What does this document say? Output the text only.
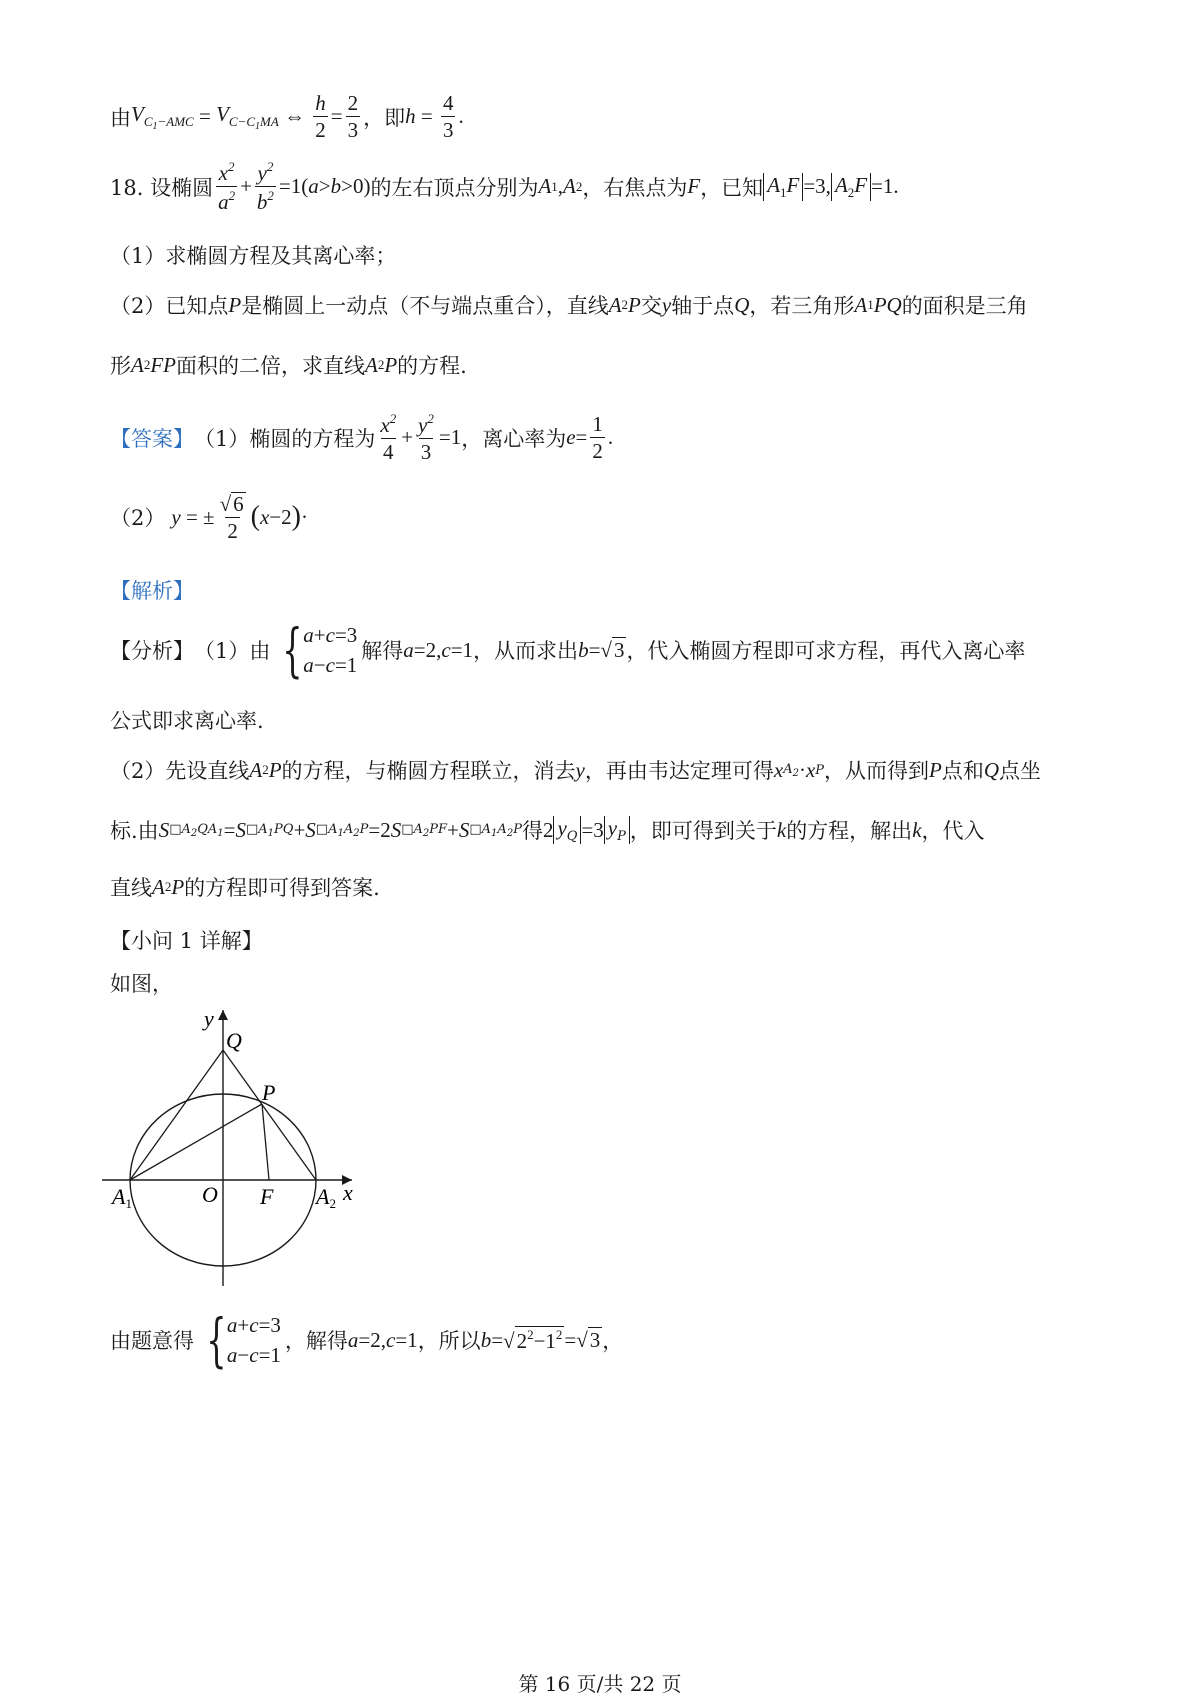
由 $V_{C_1-AMC} = V_{C-C_1MA}$ ⇔ $\frac{h}{2} = \frac{2}{3}$ ，即 $h = \frac{4}{3}$ .
18. 设椭圆 $\frac{x^2}{a^2} + \frac{y^2}{b^2} =1$( a > b >0) 的左右顶点分别为 A 1 , A 2 ，右焦点为 F ，已知 $A_1F =3$, $A_2F =1$.
（1）求椭圆方程及其离心率；
（2）已知点 P 是椭圆上一动点（不与端点重合），直线 A 2 P 交 y 轴于点 Q ，若三角形 A 1 PQ 的面积是三角
形 A 2 FP 面积的二倍，求直线 A 2 P 的方程.
【答案】 （1）椭圆的方程为 $\frac{x^2}{4} + \frac{y^2}{3} =1$ ，离心率为 $e = \frac{1}{2}$ .
（2） y = ± $\frac{√ 6}{2}$ ( x −2 ) ·
【解析】
【分析】 （1）由 { a+c=3
a−c=1
解得 a =2, c =1 ，从而求出 b = √ 3 ，代入椭圆方程即可求方程，再代入离心率
公式即求离心率.
（2）先设直线 A 2 P 的方程，与椭圆方程联立，消去 y ，再由韦达定理可得 x $A_2 \cdot x$ P ，从而得到 P 点和 Q 点坐
标.由 S $□A_2QA_1 = S$ $□A_1PQ + S$ $□A_1A_2P =2$ S $□A_2PF + S$ $□A_1A_2P$ 得 2 $y_Q =3$ $y_P$ ，即可得到关于 k 的方程，解出 k ，代入
直线 A 2 P 的方程即可得到答案.
【小问 1 详解】
如图，
y
Q
P
O F
A1	A2 x
由题意得 { a+c=3
a−c=1
，解得 a =2, c =1 ，所以 b = √ $2^2-1^2$ = √ 3 ，
第 16 页/共 22 页
